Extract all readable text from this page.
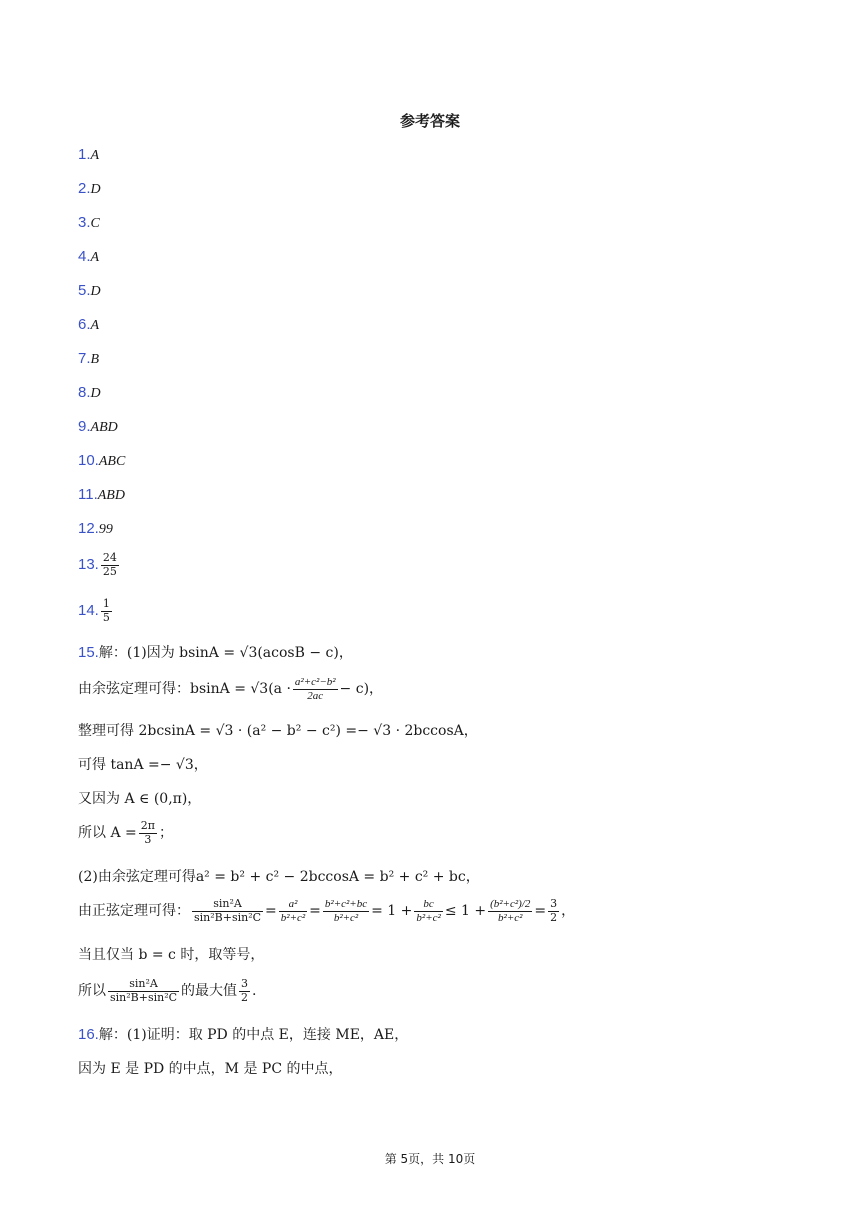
参考答案
1.A
2.D
3.C
4.A
5.D
6.A
7.B
8.D
9.ABD
10.ABC
11.ABD
12.99
13. $\frac{24}{25}$
14. $\frac{1}{5}$
15.解：(1)因为 bsinA = √3(acosB − c)，
由余弦定理可得：$bsinA = √3(a \cdot \frac{\text{a²+c²−b²}}{2ac} - c)$，
整理可得 2bcsinA = √3 · (a² − b² − c²) =− √3 · 2bccosA，
可得 tanA =− √3，
又因为 A ∈ (0,π)，
所以 $A = \frac{2\pi}{3}$ ；
(2)由余弦定理可得a² = b² + c² − 2bccosA = b² + c² + bc，
由正弦定理可得： $\frac{\text{sin²A}}{\text{sin²B+sin²C}} = \frac{\text{a²}}{\text{b²+c²}} = \frac{\text{b²+c²+bc}}{\text{b²+c²}} = 1 + \frac{bc}{\text{b²+c²}} \le 1 + \frac{\text{(b²+c²)/2}}{\text{b²+c²}} = \frac{3}{2}$ ，
当且仅当 b = c 时，取等号，
所以 $\frac{\text{sin²A}}{\text{sin²B+sin²C}}$ 的最大值 $\frac{3}{2}$ .
16.解：(1)证明：取 PD 的中点 E，连接 ME，AE，
因为 E 是 PD 的中点，M 是 PC 的中点，
第 5页，共 10页
